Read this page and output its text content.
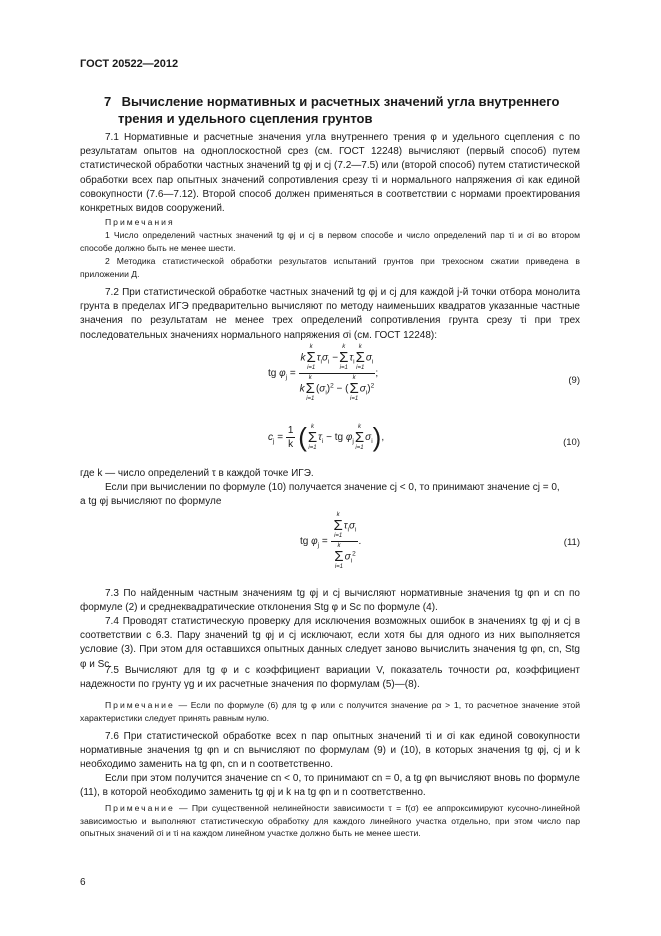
ГОСТ 20522—2012
7 Вычисление нормативных и расчетных значений угла внутреннего
трения и удельного сцепления грунтов

7.1 Нормативные и расчетные значения угла внутреннего трения φ и удельного сцепления c по результатам опытов на одноплоскостной срез (см. ГОСТ 12248) вычисляют (первый способ) путем статистической обработки частных значений tg φj и cj (7.2—7.5) или (второй способ) путем статистической обработки всех пар опытных значений сопротивления срезу τi и нормального напряжения σi как единой совокупности (7.6—7.12). Второй способ должен применяться в соответствии с нормами проектирования конкретных видов сооружений.

Примечания

1 Число определений частных значений tg φj и cj в первом способе и число определений пар τi и σi во втором способе должно быть не менее шести.

2 Методика статистической обработки результатов испытаний грунтов при трехосном сжатии приведена в приложении Д.

7.2 При статистической обработке частных значений tg φj и cj для каждой j-й точки отбора монолита грунта в пределах ИГЭ предварительно вычисляют по методу наименьших квадратов указанные частные значения по результатам не менее трех определений сопротивления грунта срезу τi при трех последовательных значениях нормального напряжения σi (см. ГОСТ 12248):

tg $\varphi_j = k$
k
Σ
i=1
$\tau_i\sigma_i$ −
k
Σ
i=1
$\tau_i$
k
Σ
i=1
$\sigma_i$
k
k
Σ
i=1
$(\sigma_i)^2$ − (
k
Σ
i=1
$\sigma_i)^2$ ;
(9)
$c_j = \frac{1}{k}$ ( k
Σ
i=1
$\tau_i$ − tg $\varphi_j$
k
Σ
i=1
$\sigma_i$),	(10)

где k — число определений τ в каждой точке ИГЭ.

Если при вычислении по формуле (10) получается значение cj < 0, то принимают значение cj = 0,

а tg φj вычисляют по формуле

tg $\varphi_j = k$
Σ
i=1
$\tau_i\sigma_i$
k
Σ
i=1
$\sigma_i^2$ .	(11)

7.3 По найденным частным значениям tg φj и cj вычисляют нормативные значения tg φn и cn по формуле (2) и среднеквадратические отклонения Stg φ и Sc по формуле (4).

7.4 Проводят статистическую проверку для исключения возможных ошибок в значениях tg φj и cj в соответствии с 6.3. Пару значений tg φj и cj исключают, если хотя бы для одного из них выполняется условие (3). При этом для оставшихся опытных данных следует заново вычислить значения tg φn, cn, Stg φ и Sc.

7.5 Вычисляют для tg φ и c коэффициент вариации V, показатель точности ρα, коэффициент надежности по грунту γg и их расчетные значения по формулам (5)—(8).

Примечание — Если по формуле (6) для tg φ или c получится значение ρα > 1, то расчетное значение этой характеристики следует принять равным нулю.

7.6 При статистической обработке всех n пар опытных значений τi и σi как единой совокупности нормативные значения tg φn и cn вычисляют по формулам (9) и (10), в которых значения tg φj, cj и k необходимо заменить на tg φn, cn и n соответственно.

Если при этом получится значение cn < 0, то принимают cn = 0, а tg φn вычисляют вновь по формуле (11), в которой необходимо заменить tg φj и k на tg φn и n соответственно.

Примечание — При существенной нелинейности зависимости τ = f(σ) ее аппроксимируют кусочно-линейной зависимостью и выполняют статистическую обработку для каждого линейного участка отдельно, при этом число пар опытных значений σi и τi на каждом линейном участке должно быть не менее шести.

6
